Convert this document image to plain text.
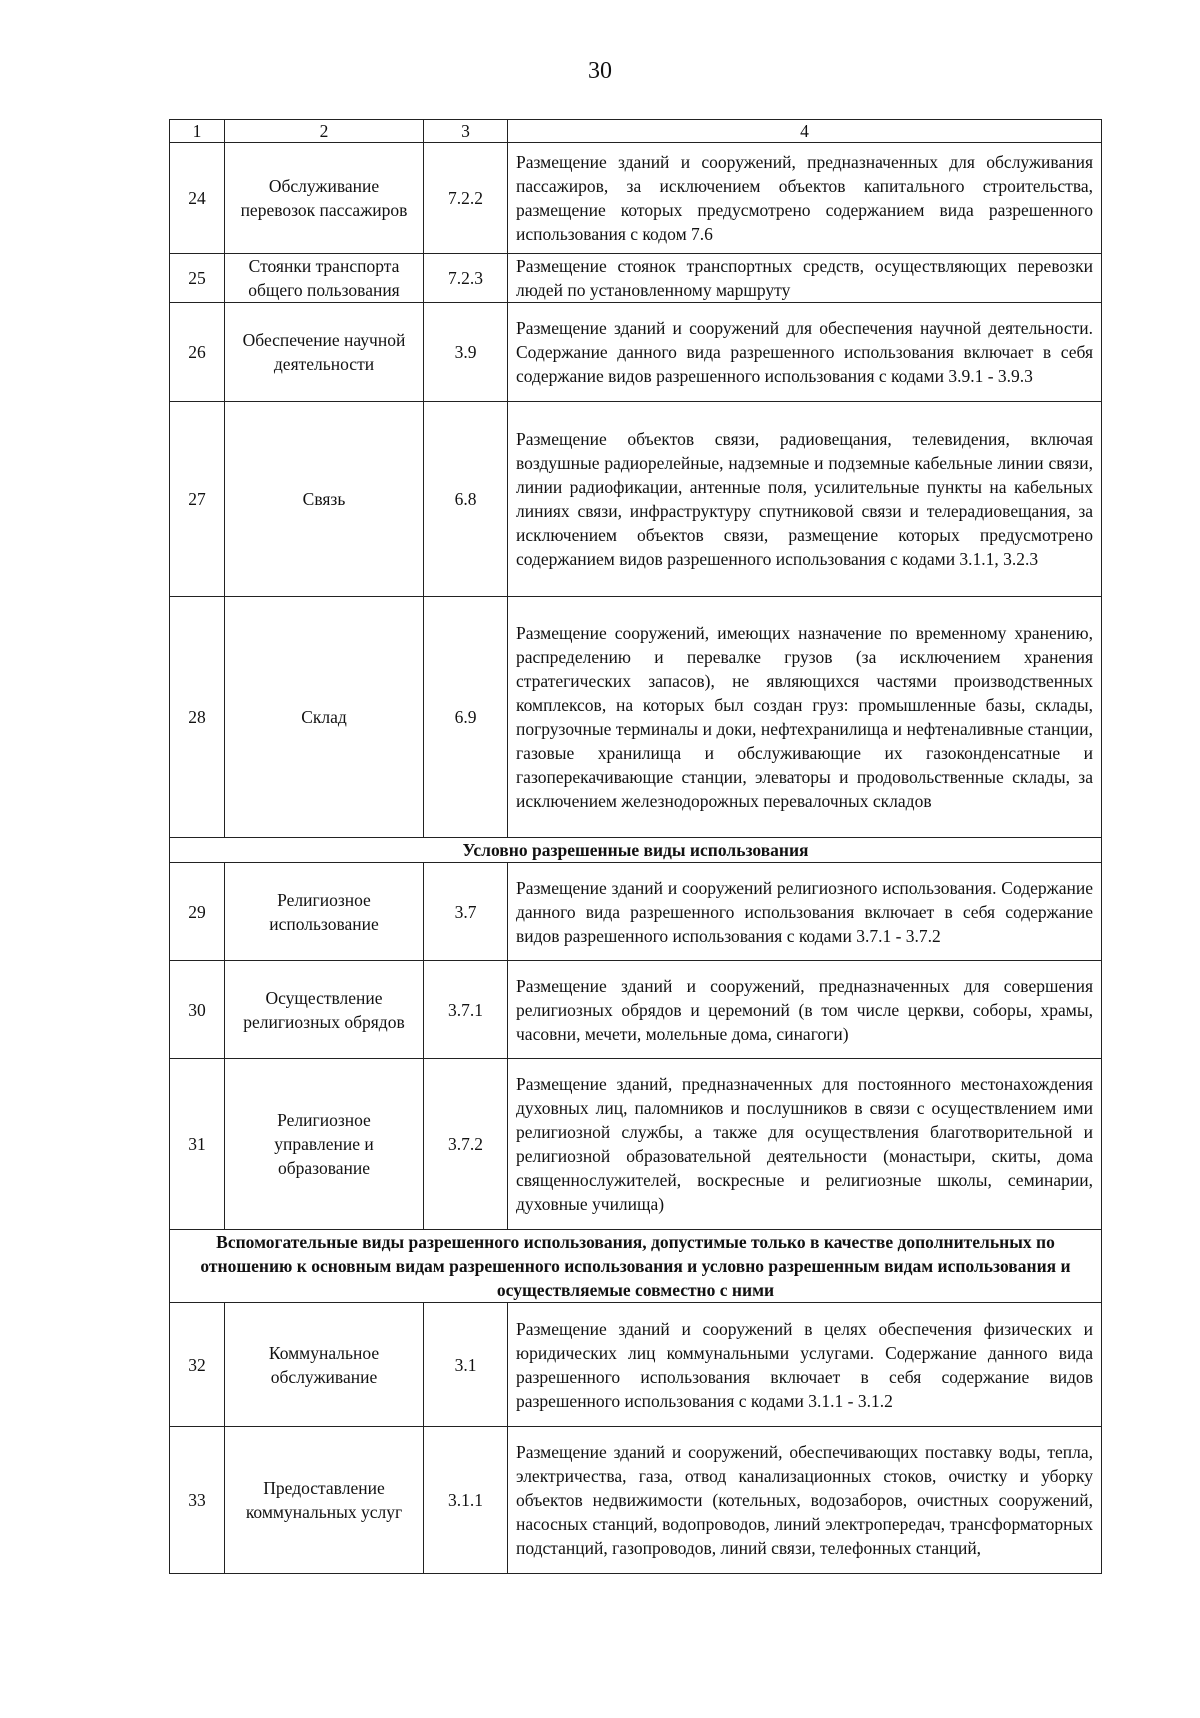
30
1	2	3	4
24	Обслуживание перевозок пассажиров	7.2.2	Размещение зданий и сооружений, предназначенных для обслуживания пассажиров, за исключением объектов капитального строительства, размещение которых предусмотрено содержанием вида разрешенного использования с кодом 7.6
25	Стоянки транспорта общего пользования	7.2.3	Размещение стоянок транспортных средств, осуществляющих перевозки людей по установленному маршруту
26	Обеспечение научной деятельности	3.9	Размещение зданий и сооружений для обеспечения научной деятельности. Содержание данного вида разрешенного использования включает в себя содержание видов разрешенного использования с кодами 3.9.1 - 3.9.3
27	Связь	6.8	Размещение объектов связи, радиовещания, телевидения, включая воздушные радиорелейные, надземные и подземные кабельные линии связи, линии радиофикации, антенные поля, усилительные пункты на кабельных линиях связи, инфраструктуру спутниковой связи и телерадиовещания, за исключением объектов связи, размещение которых предусмотрено содержанием видов разрешенного использования с кодами 3.1.1, 3.2.3
28	Склад	6.9	Размещение сооружений, имеющих назначение по временному хранению, распределению и перевалке грузов (за исключением хранения стратегических запасов), не являющихся частями производственных комплексов, на которых был создан груз: промышленные базы, склады, погрузочные терминалы и доки, нефтехранилища и нефтеналивные станции, газовые хранилища и обслуживающие их газоконденсатные и газоперекачивающие станции, элеваторы и продовольственные склады, за исключением железнодорожных перевалочных складов
Условно разрешенные виды использования			
29	Религиозное использование	3.7	Размещение зданий и сооружений религиозного использования. Содержание данного вида разрешенного использования включает в себя содержание видов разрешенного использования с кодами 3.7.1 - 3.7.2
30	Осуществление религиозных обрядов	3.7.1	Размещение зданий и сооружений, предназначенных для совершения религиозных обрядов и церемоний (в том числе церкви, соборы, храмы, часовни, мечети, молельные дома, синагоги)
31	Религиозное управление и образование	3.7.2	Размещение зданий, предназначенных для постоянного местонахождения духовных лиц, паломников и послушников в связи с осуществлением ими религиозной службы, а также для осуществления благотворительной и религиозной образовательной деятельности (монастыри, скиты, дома священнослужителей, воскресные и религиозные школы, семинарии, духовные училища)
Вспомогательные виды разрешенного использования, допустимые только в качестве дополнительных по отношению к основным видам разрешенного использования и условно разрешенным видам использования и осуществляемые совместно с ними			
32	Коммунальное обслуживание	3.1	Размещение зданий и сооружений в целях обеспечения физических и юридических лиц коммунальными услугами. Содержание данного вида разрешенного использования включает в себя содержание видов разрешенного использования с кодами 3.1.1 - 3.1.2
33	Предоставление коммунальных услуг	3.1.1	Размещение зданий и сооружений, обеспечивающих поставку воды, тепла, электричества, газа, отвод канализационных стоков, очистку и уборку объектов недвижимости (котельных, водозаборов, очистных сооружений, насосных станций, водопроводов, линий электропередач, трансформаторных подстанций, газопроводов, линий связи, телефонных станций,
